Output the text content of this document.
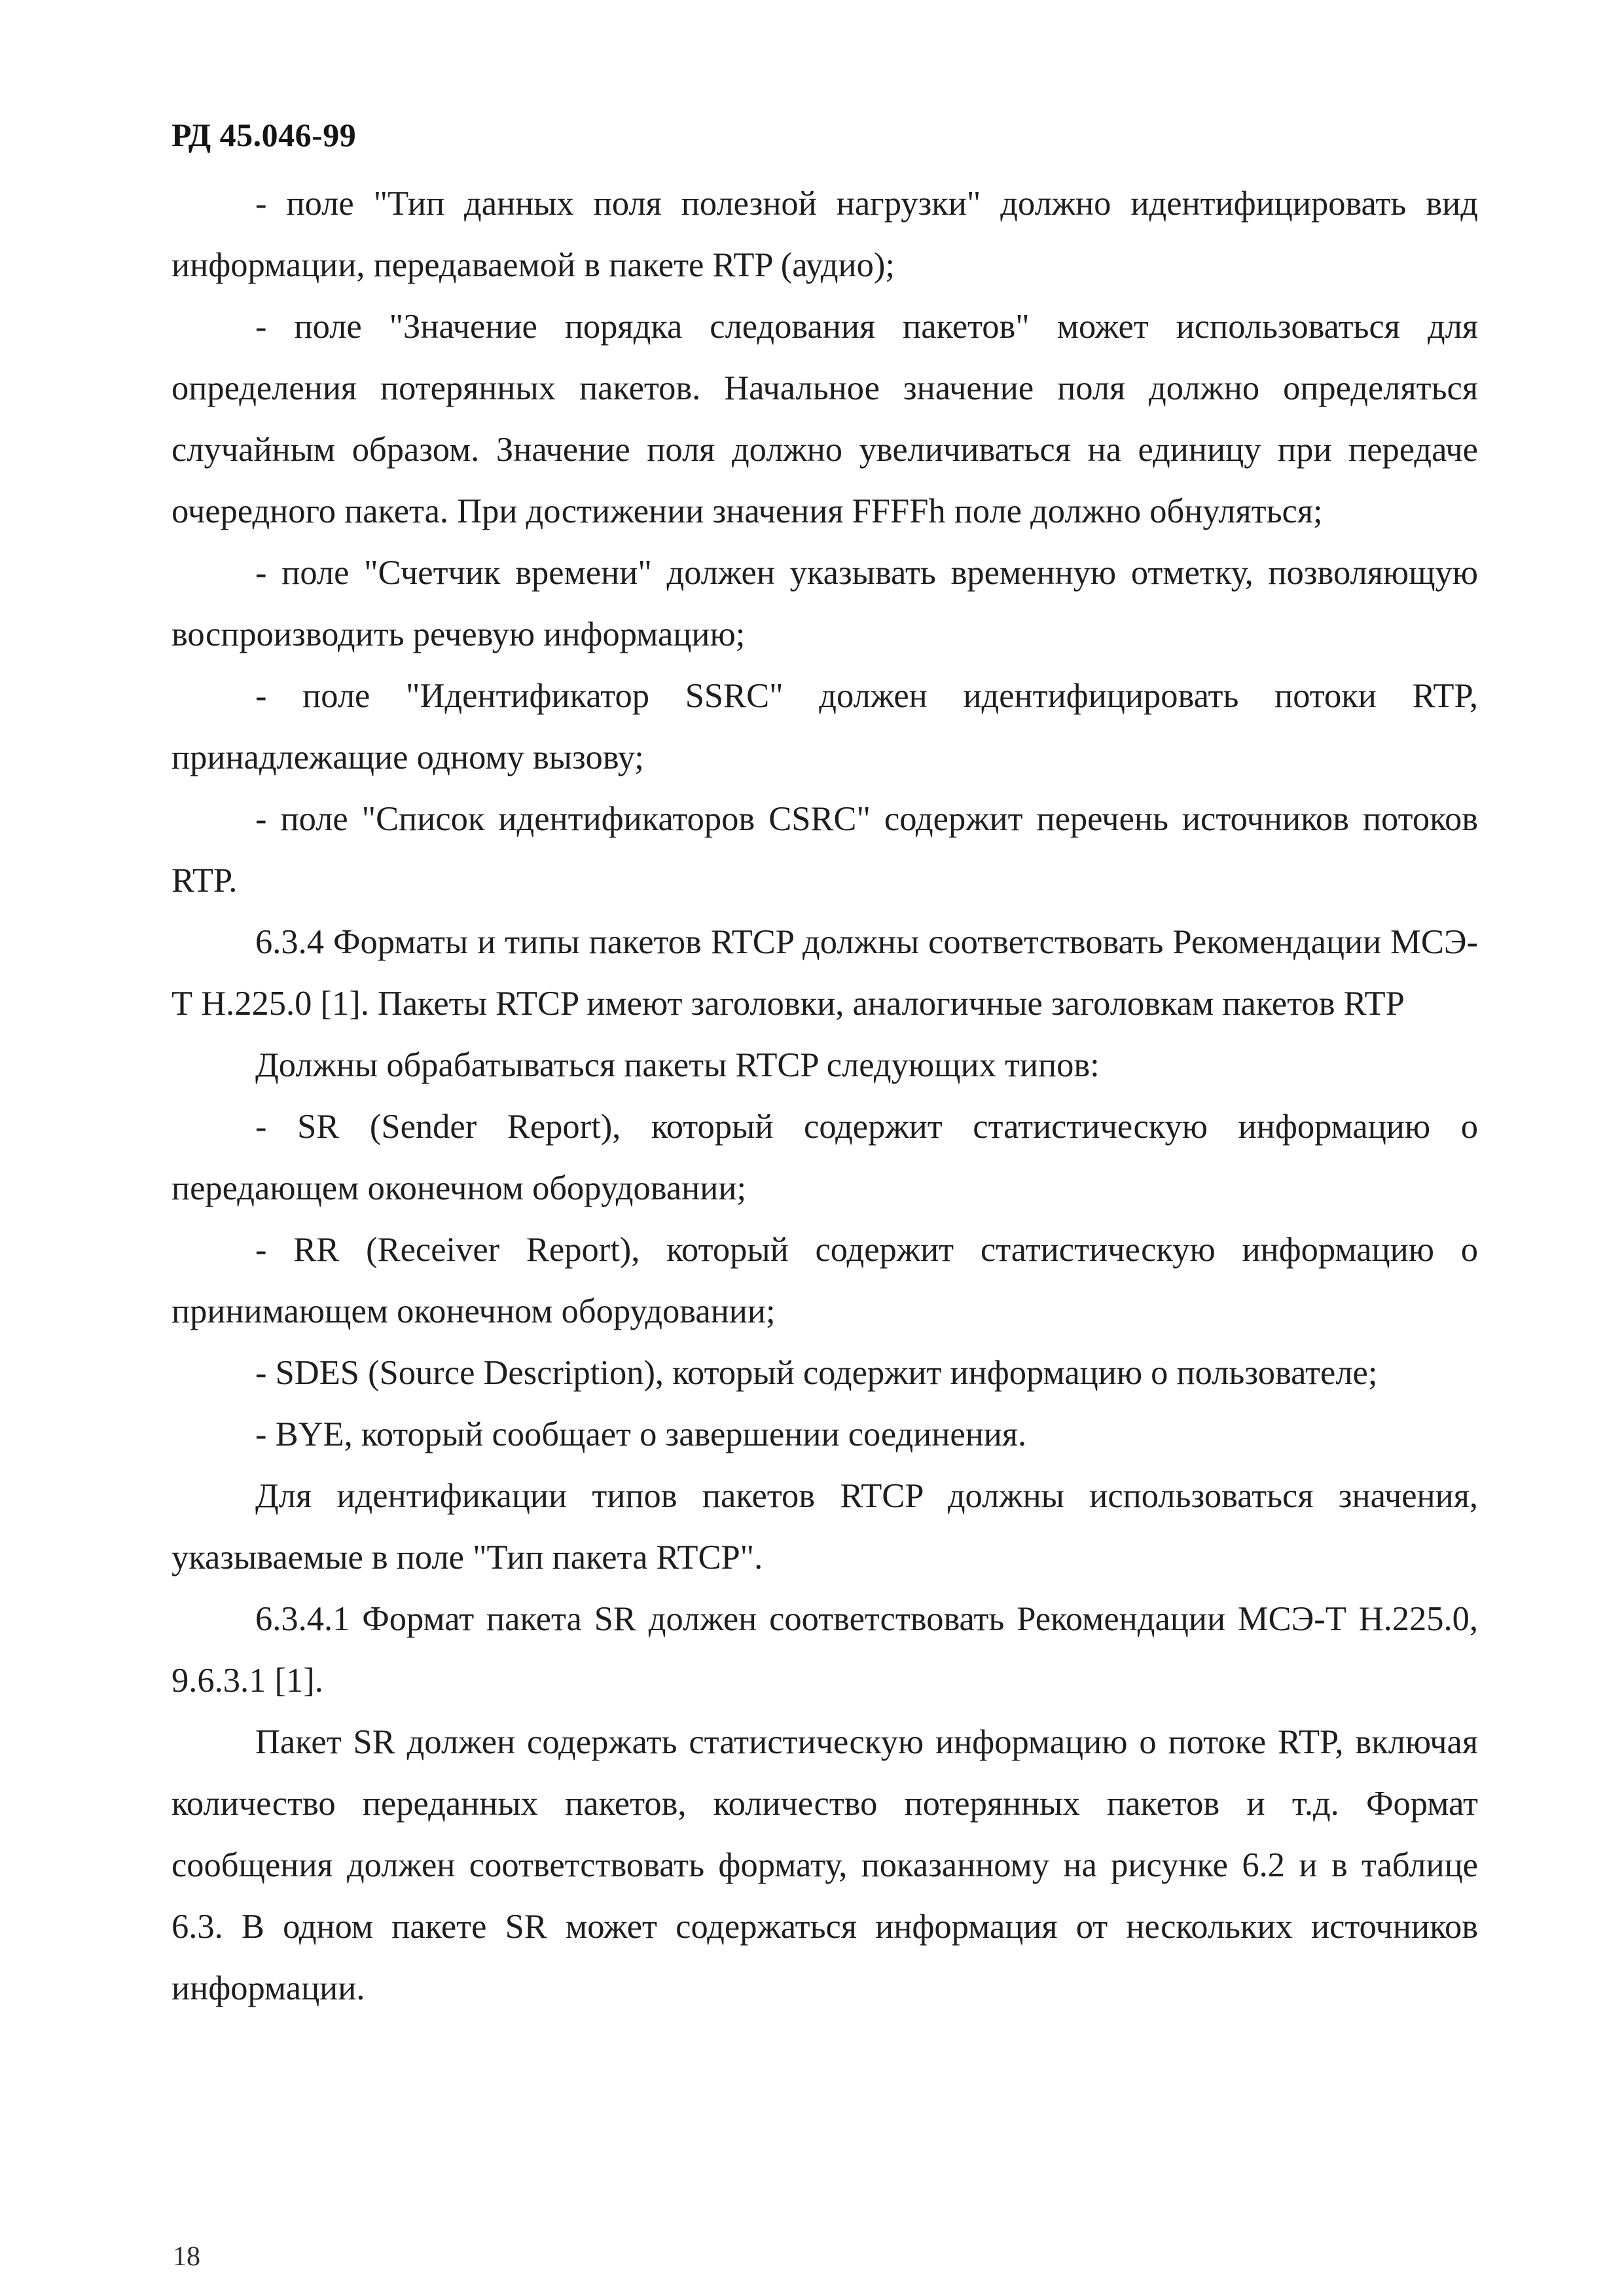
РД 45.046-99

- поле "Тип данных поля полезной нагрузки" должно идентифицировать вид информации, передаваемой в пакете RTP (аудио);

- поле "Значение порядка следования пакетов" может использоваться для определения потерянных пакетов. Начальное значение поля должно определяться случайным образом. Значение поля должно увеличиваться на единицу при передаче очередного пакета. При достижении значения FFFFh поле должно обнуляться;

- поле "Счетчик времени" должен указывать временную отметку, позволяющую воспроизводить речевую информацию;

- поле "Идентификатор SSRC" должен идентифицировать потоки RTP, принадлежащие одному вызову;

- поле "Список идентификаторов CSRC" содержит перечень источников потоков RTP.

6.3.4 Форматы и типы пакетов RTCP должны соответствовать Рекомендации МСЭ-Т Н.225.0 [1]. Пакеты RTCP имеют заголовки, аналогичные заголовкам пакетов RTP

Должны обрабатываться пакеты RTCP следующих типов:

- SR (Sender Report), который содержит статистическую информацию о передающем оконечном оборудовании;

- RR (Receiver Report), который содержит статистическую информацию о принимающем оконечном оборудовании;

- SDES (Source Description), который содержит информацию о пользователе;

- BYE, который сообщает о завершении соединения.

Для идентификации типов пакетов RTCP должны использоваться значения, указываемые в поле "Тип пакета RTCP".

6.3.4.1 Формат пакета SR должен соответствовать Рекомендации МСЭ-Т Н.225.0, 9.6.3.1 [1].

Пакет SR должен содержать статистическую информацию о потоке RTP, включая количество переданных пакетов, количество потерянных пакетов и т.д. Формат сообщения должен соответствовать формату, показанному на рисунке 6.2 и в таблице 6.3. В одном пакете SR может содержаться информация от нескольких источников информации.

18
